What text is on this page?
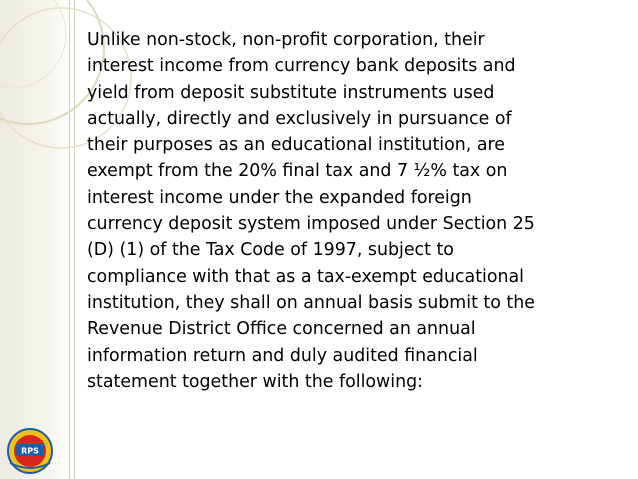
Unlike non-stock, non-profit corporation, their
interest income from currency bank deposits and
yield from deposit substitute instruments used
actually, directly and exclusively in pursuance of
their purposes as an educational institution, are
exempt from the 20% final tax and 7 ½% tax on
interest income under the expanded foreign
currency deposit system imposed under Section 25
(D) (1) of the Tax Code of 1997, subject to
compliance with that as a tax-exempt educational
institution, they shall on annual basis submit to the
Revenue District Office concerned an annual
information return and duly audited financial
statement together with the following:
RPS
